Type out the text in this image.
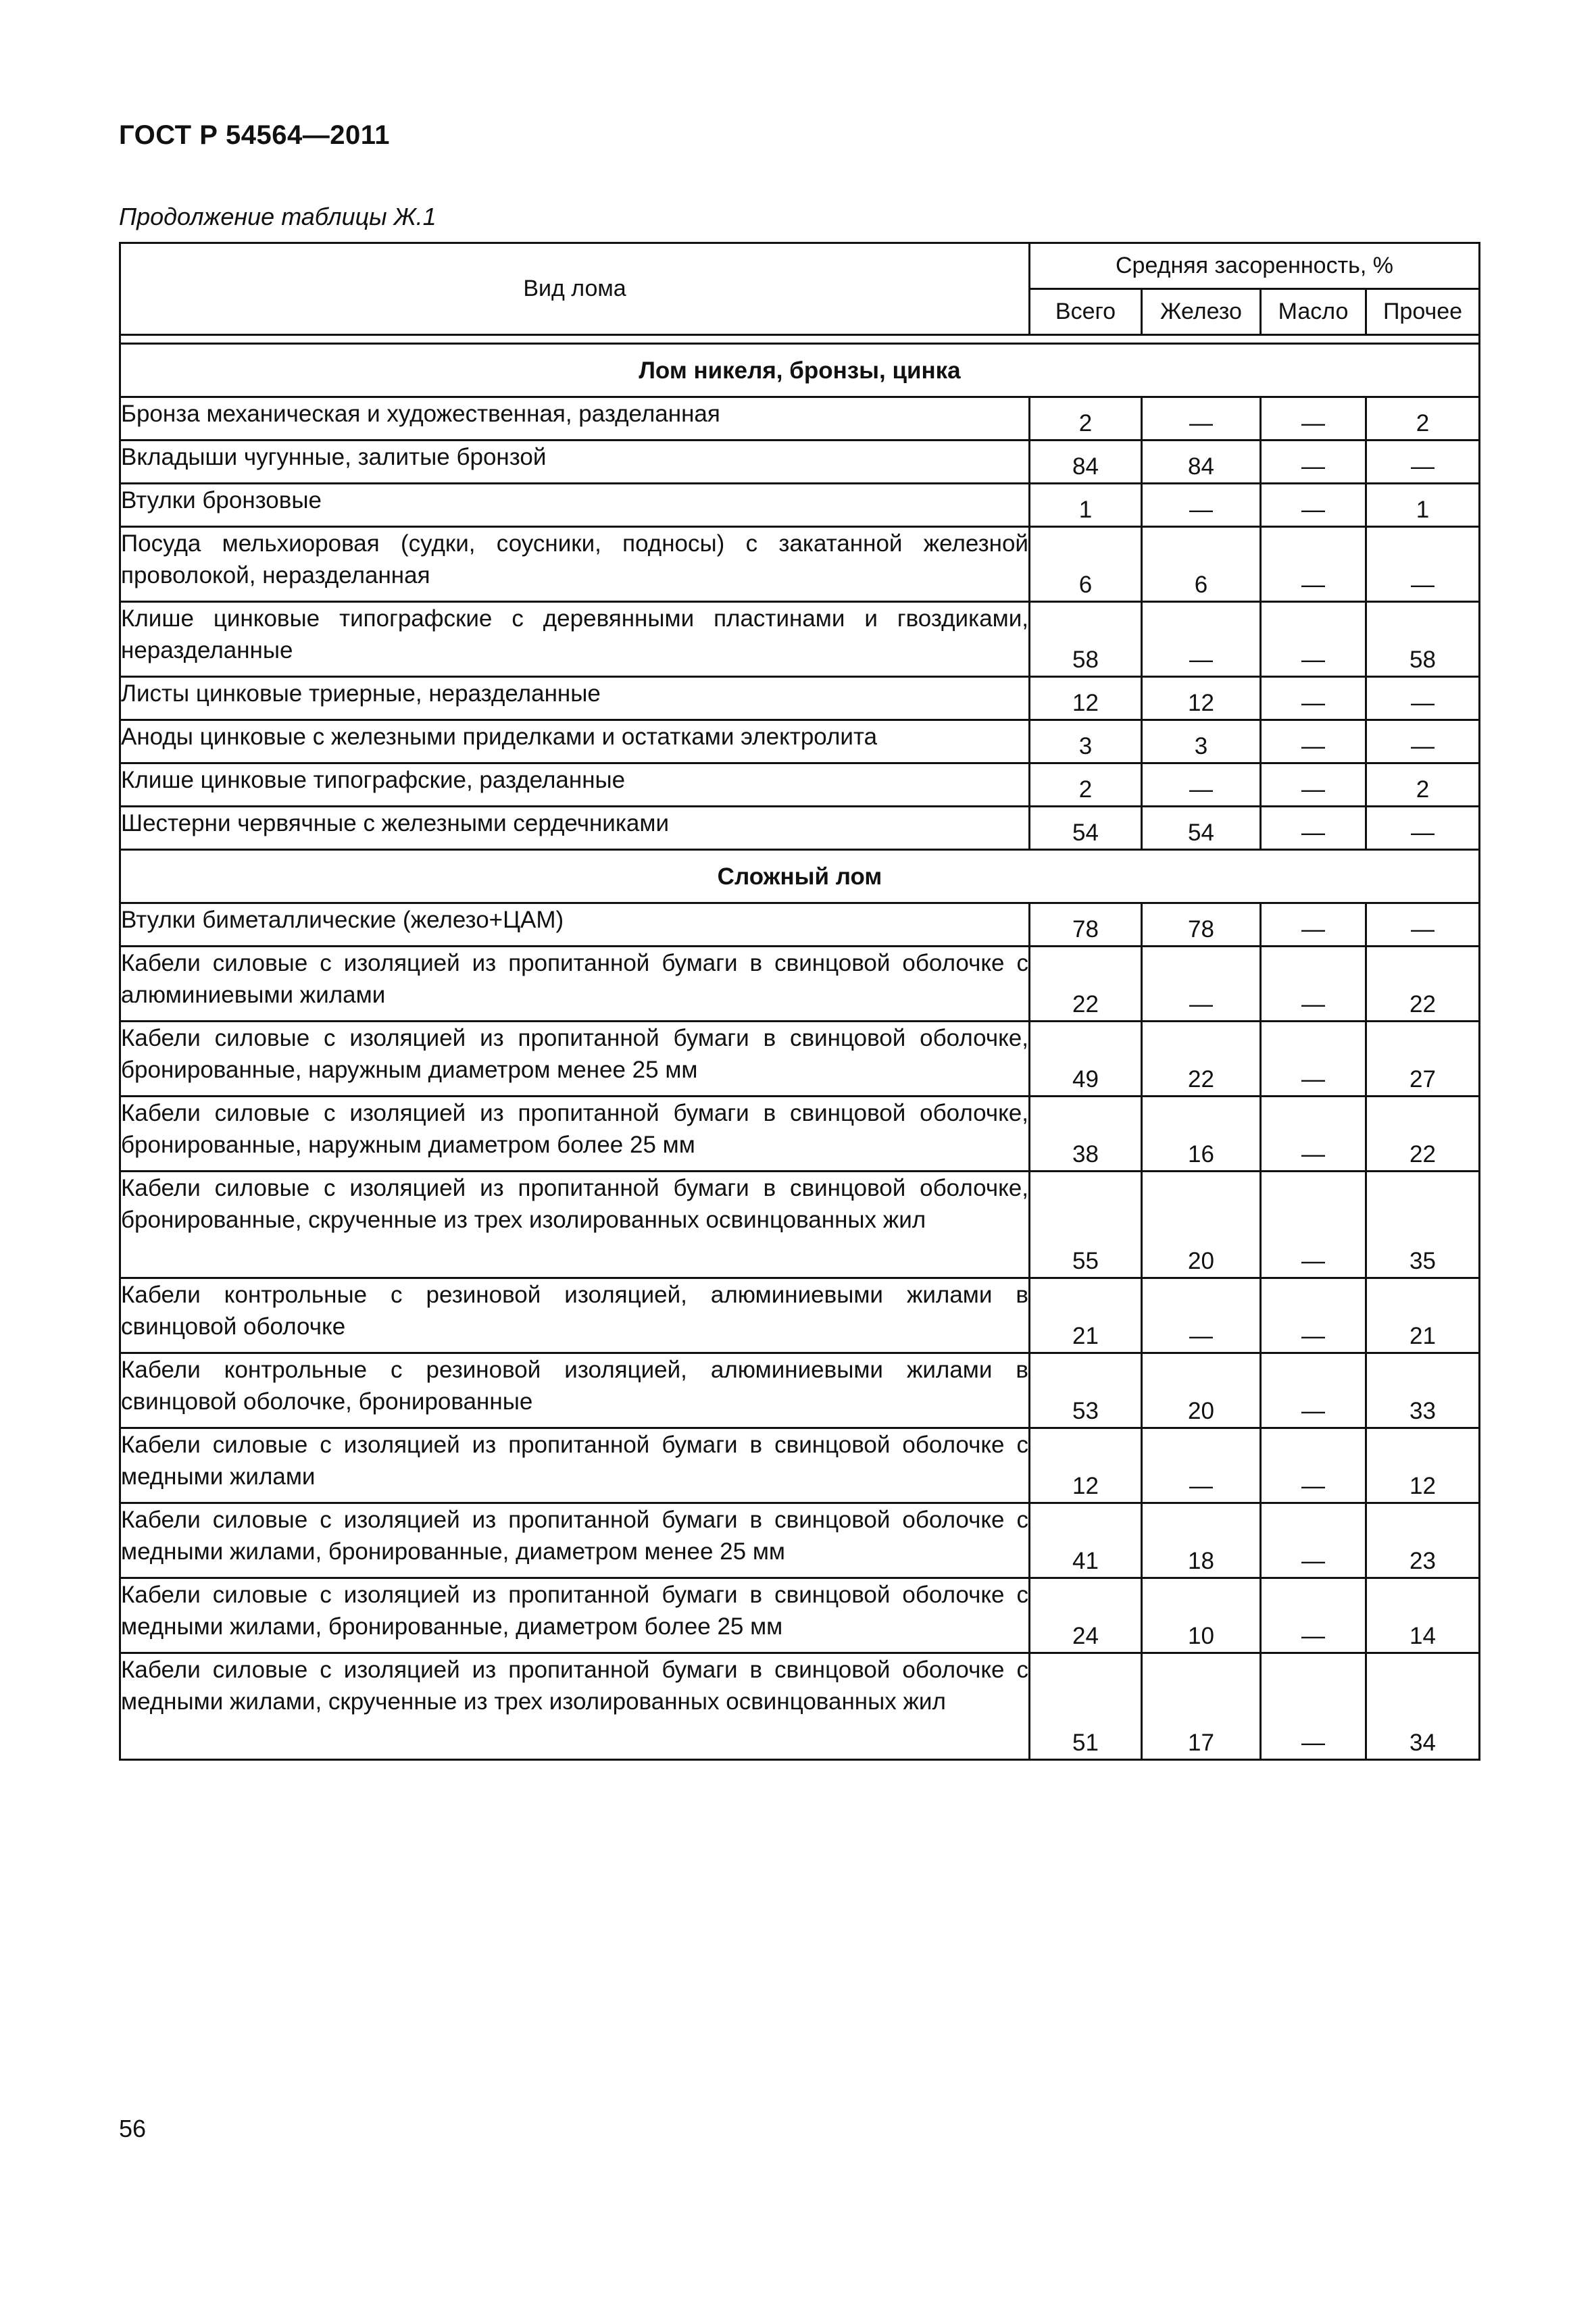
ГОСТ Р 54564—2011
Продолжение таблицы Ж.1
Вид лома	Средняя засоренность, %			
	Всего	Железо	Масло	Прочее

Лом никеля, бронзы, цинка				
Бронза механическая и художественная, разделанная	2	—	—	2
Вкладыши чугунные, залитые бронзой	84	84	—	—
Втулки бронзовые	1	—	—	1
Посуда мельхиоровая (судки, соусники, подносы) с закатанной железной проволокой, неразделанная	6	6	—	—
Клише цинковые типографские с деревянными пластинами и гвоздиками, неразделанные	58	—	—	58
Листы цинковые триерные, неразделанные	12	12	—	—
Аноды цинковые с железными приделками и остатками электролита	3	3	—	—
Клише цинковые типографские, разделанные	2	—	—	2
Шестерни червячные с железными сердечниками	54	54	—	—
Сложный лом				
Втулки биметаллические (железо+ЦАМ)	78	78	—	—
Кабели силовые с изоляцией из пропитанной бумаги в свинцовой оболочке с алюминиевыми жилами	22	—	—	22
Кабели силовые с изоляцией из пропитанной бумаги в свинцовой оболочке, бронированные, наружным диаметром менее 25 мм	49	22	—	27
Кабели силовые с изоляцией из пропитанной бумаги в свинцовой оболочке, бронированные, наружным диаметром более 25 мм	38	16	—	22
Кабели силовые с изоляцией из пропитанной бумаги в свинцовой оболочке, бронированные, скрученные из трех изолированных освинцованных жил	55	20	—	35
Кабели контрольные с резиновой изоляцией, алюминиевыми жилами в свинцовой оболочке	21	—	—	21
Кабели контрольные с резиновой изоляцией, алюминиевыми жилами в свинцовой оболочке, бронированные	53	20	—	33
Кабели силовые с изоляцией из пропитанной бумаги в свинцовой оболочке с медными жилами	12	—	—	12
Кабели силовые с изоляцией из пропитанной бумаги в свинцовой оболочке с медными жилами, бронированные, диаметром менее 25 мм	41	18	—	23
Кабели силовые с изоляцией из пропитанной бумаги в свинцовой оболочке с медными жилами, бронированные, диаметром более 25 мм	24	10	—	14
Кабели силовые с изоляцией из пропитанной бумаги в свинцовой оболочке с медными жилами, скрученные из трех изолированных освинцованных жил	51	17	—	34
56
